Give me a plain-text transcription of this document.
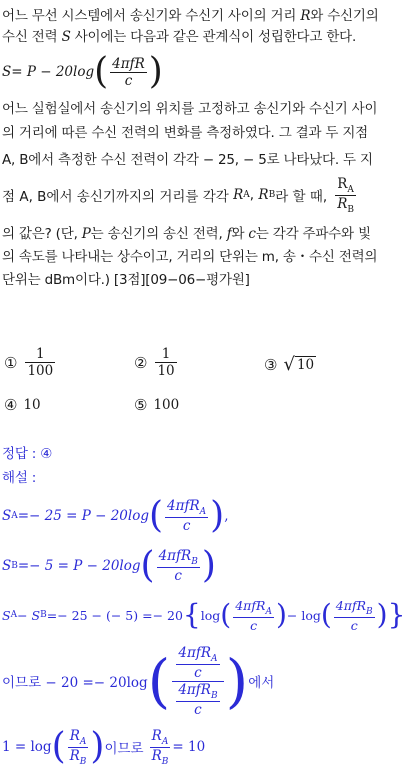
어느 무선 시스템에서 송신기와 수신기 사이의 거리 R와 수신기의
수신 전력 S 사이에는 다음과 같은 관계식이 성립한다고 한다.
S= P − 20log ( $\frac{\text{4πfR}}{c}$ )
어느 실험실에서 송신기의 위치를 고정하고 송신기와 수신기 사이
의 거리에 따른 수신 전력의 변화를 측정하였다. 그 결과 두 지점
A, B에서 측정한 수신 전력이 각각 − 25, − 5로 나타났다. 두 지
점 A, B에서 송신기까지의 거리를 각각
R A ,
R B 라 할 때, $\frac{R_A}{R_B}$
의 값은? (단, P는 송신기의 송신 전력, f와 c는 각각 주파수와 빛
의 속도를 나타내는 상수이고, 거리의 단위는 m, 송・수신 전력의
단위는 dBm이다.) [3점][09−06−평가원]
① $\frac{1}{100}$	② $\frac{1}{10}$	③ √ 10
④ 10	⑤ 100
정답 : ④
해설 :
S A =− 25 = P − 20log ( $\frac{4\pi fR_A}{c}$ ) ,
S B =− 5 = P − 20log ( $\frac{4\pi fR_B}{c}$ )
S A − S B =− 25 − (− 5) =− 20 { log ( $\frac{4\pi fR_A}{c}$ ) − log ( $\frac{4\pi fR_B}{c}$ ) }
이므로 − 20 =− 20log ( $\frac{\frac{4\pi fR_A}{c}}{\frac{4\pi fR_B}{c}}$ ) 에서
1 = log ( $\frac{R_A}{R_B}$ ) 이므로 $\frac{R_A}{R_B} = 10$
